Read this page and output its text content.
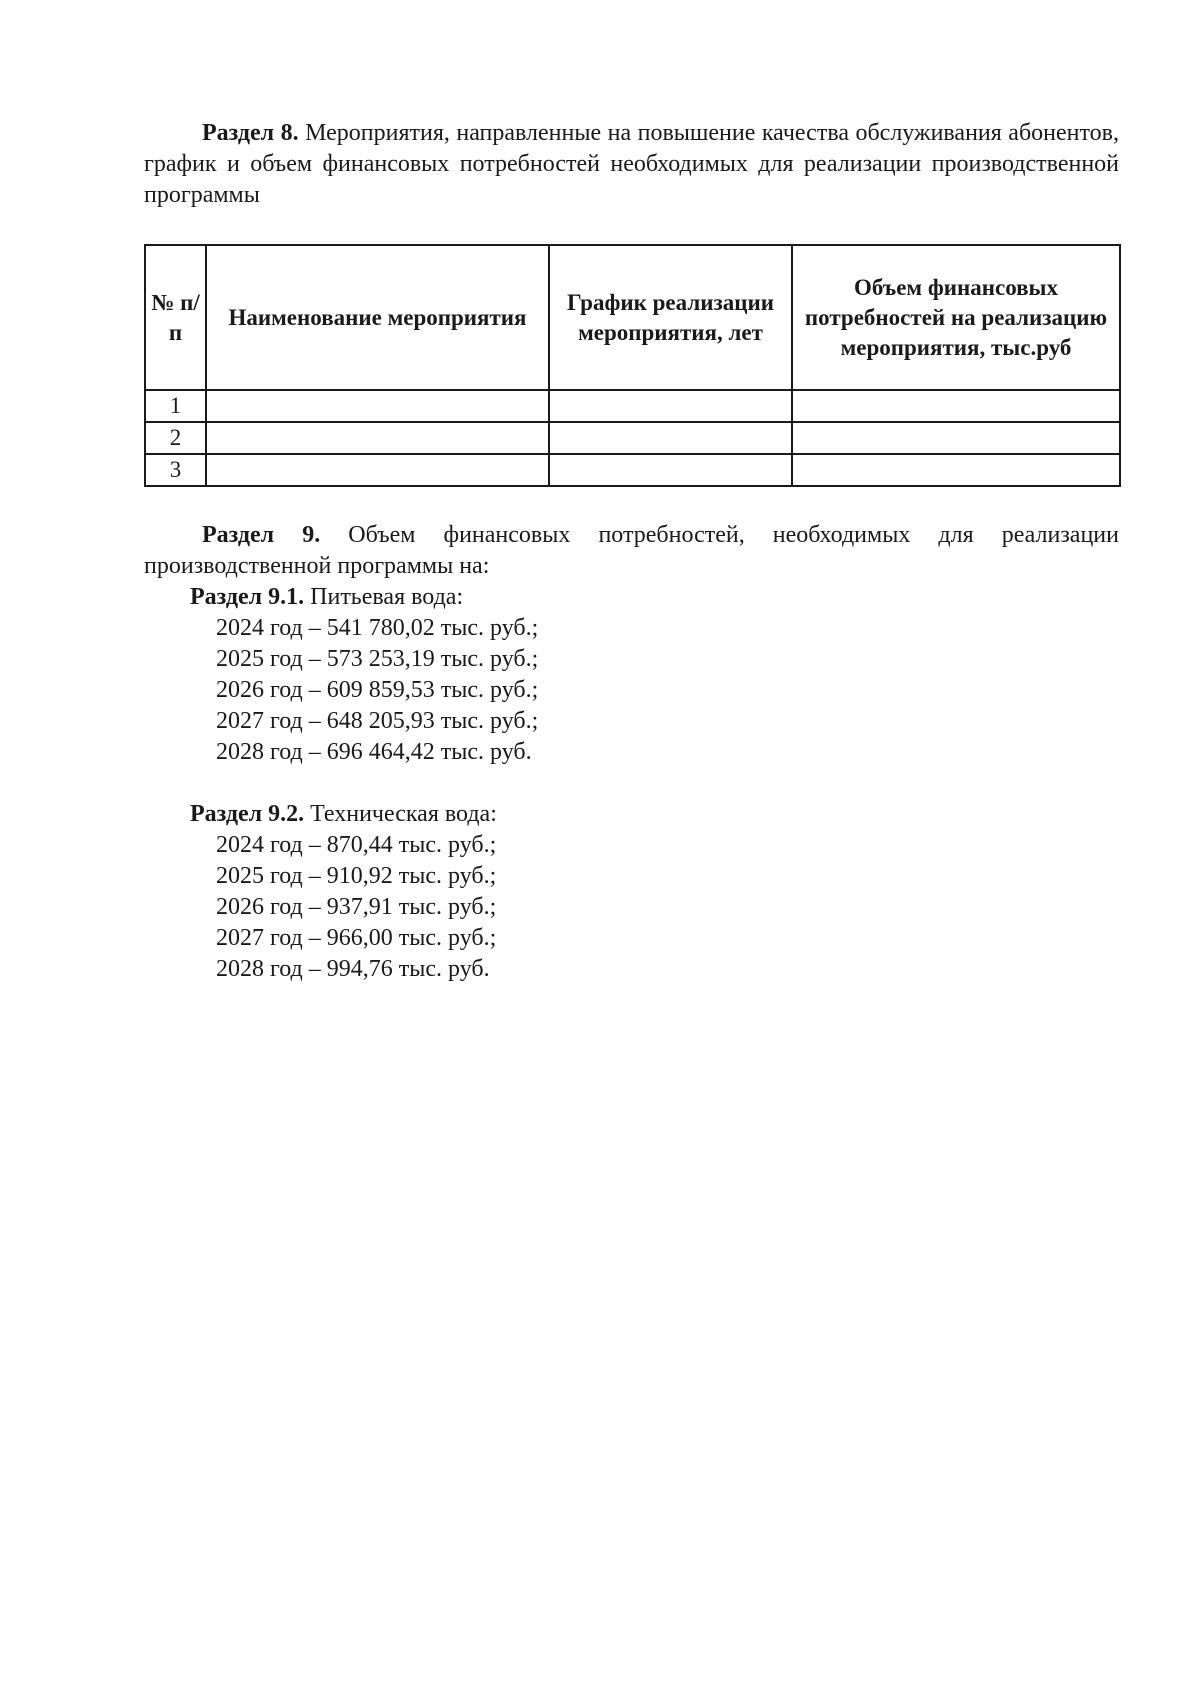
Раздел 8. Мероприятия, направленные на повышение качества обслуживания абонентов, график и объем финансовых потребностей необходимых для реализации производственной программы

№ п/п	Наименование мероприятия	График реализации мероприятия, лет	Объем финансовых потребностей на реализацию мероприятия, тыс.руб
1			
2			
3			

Раздел 9. Объем финансовых потребностей, необходимых для реализации производственной программы на:

Раздел 9.1. Питьевая вода:

2024 год – 541 780,02 тыс. руб.;
2025 год – 573 253,19 тыс. руб.;
2026 год – 609 859,53 тыс. руб.;
2027 год – 648 205,93 тыс. руб.;
2028 год – 696 464,42 тыс. руб.

Раздел 9.2. Техническая вода:

2024 год – 870,44 тыс. руб.;
2025 год – 910,92 тыс. руб.;
2026 год – 937,91 тыс. руб.;
2027 год – 966,00 тыс. руб.;
2028 год – 994,76 тыс. руб.
